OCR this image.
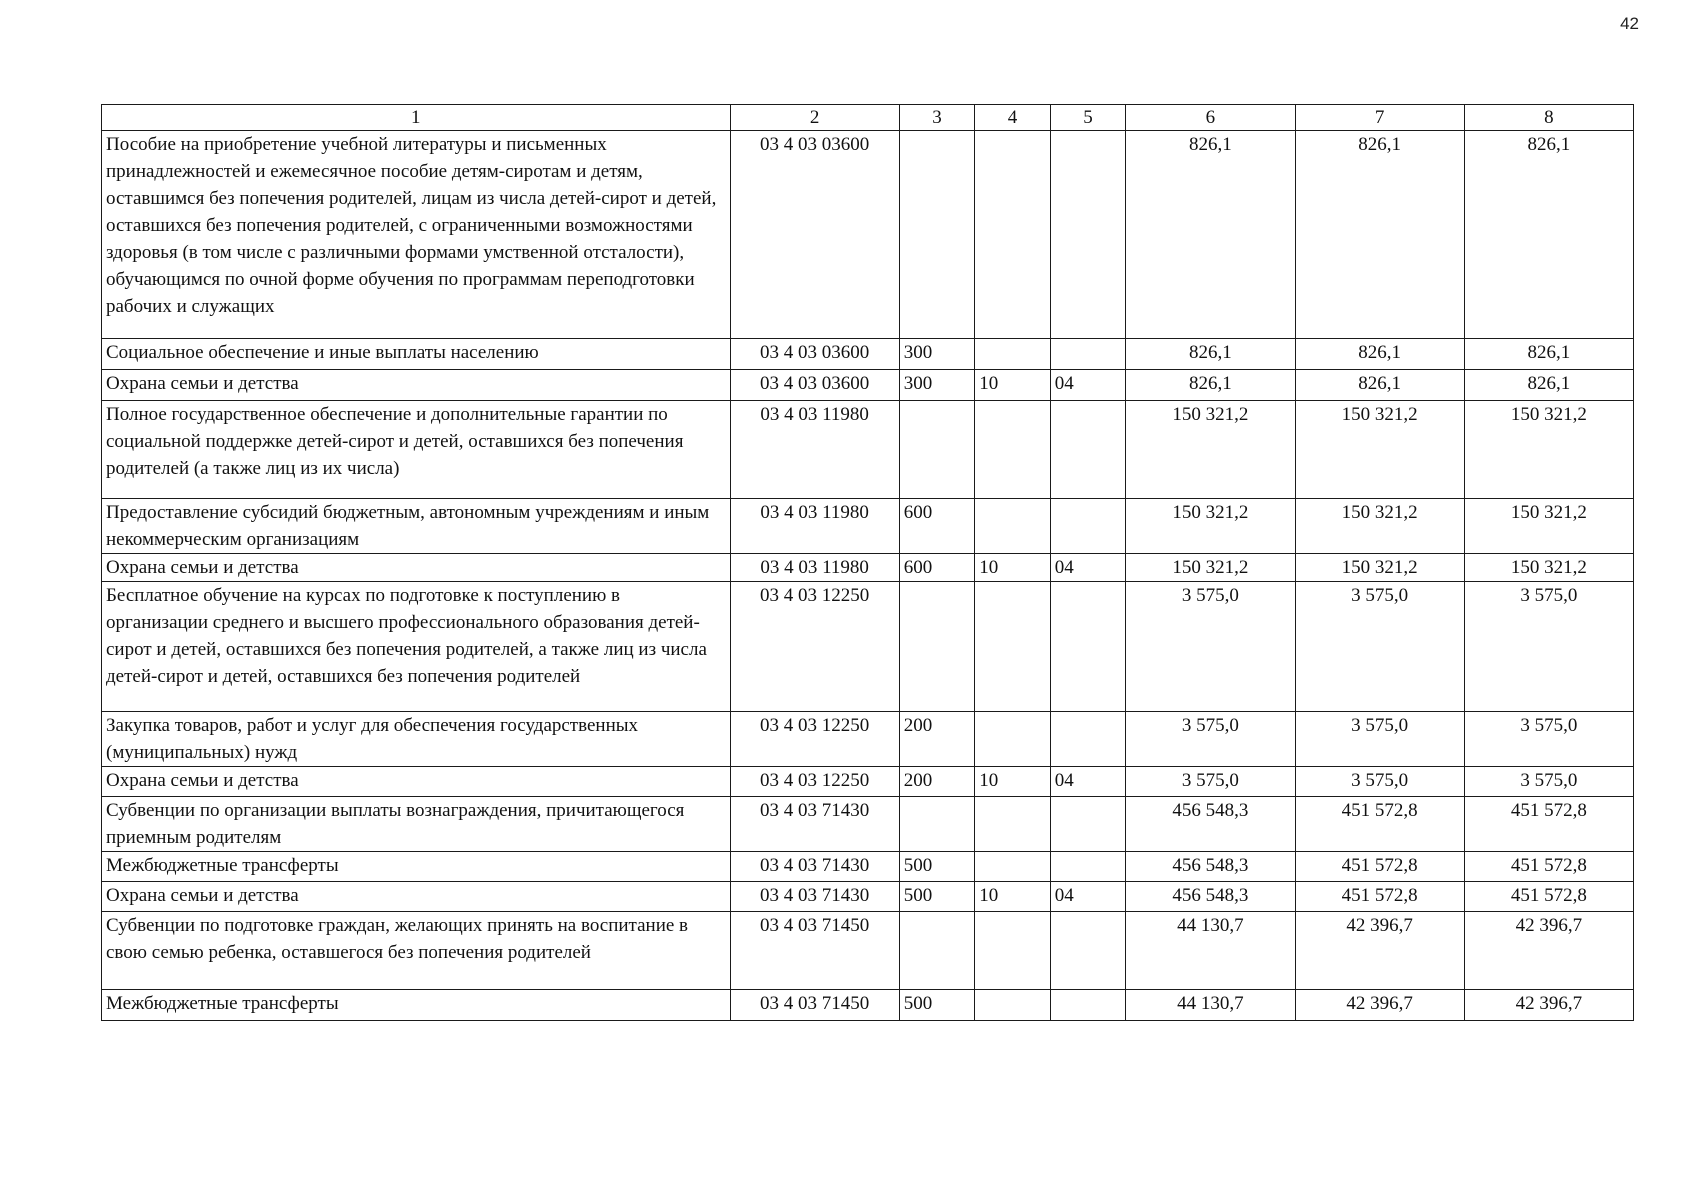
42
1	2	3	4	5	6	7	8
Пособие на приобретение учебной литературы и письменных принадлежностей и ежемесячное пособие детям-сиротам и детям, оставшимся без попечения родителей, лицам из числа детей-сирот и детей, оставшихся без попечения родителей, с ограниченными возможностями здоровья (в том числе с различными формами умственной отсталости), обучающимся по очной форме обучения по программам переподготовки рабочих и служащих	03 4 03 03600				826,1	826,1	826,1
Социальное обеспечение и иные выплаты населению	03 4 03 03600	300			826,1	826,1	826,1
Охрана семьи и детства	03 4 03 03600	300	10	04	826,1	826,1	826,1
Полное государственное обеспечение и дополнительные гарантии по социальной поддержке детей-сирот и детей, оставшихся без попечения родителей (а также лиц из их числа)	03 4 03 11980				150 321,2	150 321,2	150 321,2
Предоставление субсидий бюджетным, автономным учреждениям и иным некоммерческим организациям	03 4 03 11980	600			150 321,2	150 321,2	150 321,2
Охрана семьи и детства	03 4 03 11980	600	10	04	150 321,2	150 321,2	150 321,2
Бесплатное обучение на курсах по подготовке к поступлению в организации среднего и высшего профессионального образования детей-сирот и детей, оставшихся без попечения родителей, а также лиц из числа детей-сирот и детей, оставшихся без попечения родителей	03 4 03 12250				3 575,0	3 575,0	3 575,0
Закупка товаров, работ и услуг для обеспечения государственных (муниципальных) нужд	03 4 03 12250	200			3 575,0	3 575,0	3 575,0
Охрана семьи и детства	03 4 03 12250	200	10	04	3 575,0	3 575,0	3 575,0
Субвенции по организации выплаты вознаграждения, причитающегося приемным родителям	03 4 03 71430				456 548,3	451 572,8	451 572,8
Межбюджетные трансферты	03 4 03 71430	500			456 548,3	451 572,8	451 572,8
Охрана семьи и детства	03 4 03 71430	500	10	04	456 548,3	451 572,8	451 572,8
Субвенции по подготовке граждан, желающих принять на воспитание в свою семью ребенка, оставшегося без попечения родителей	03 4 03 71450				44 130,7	42 396,7	42 396,7
Межбюджетные трансферты	03 4 03 71450	500			44 130,7	42 396,7	42 396,7
